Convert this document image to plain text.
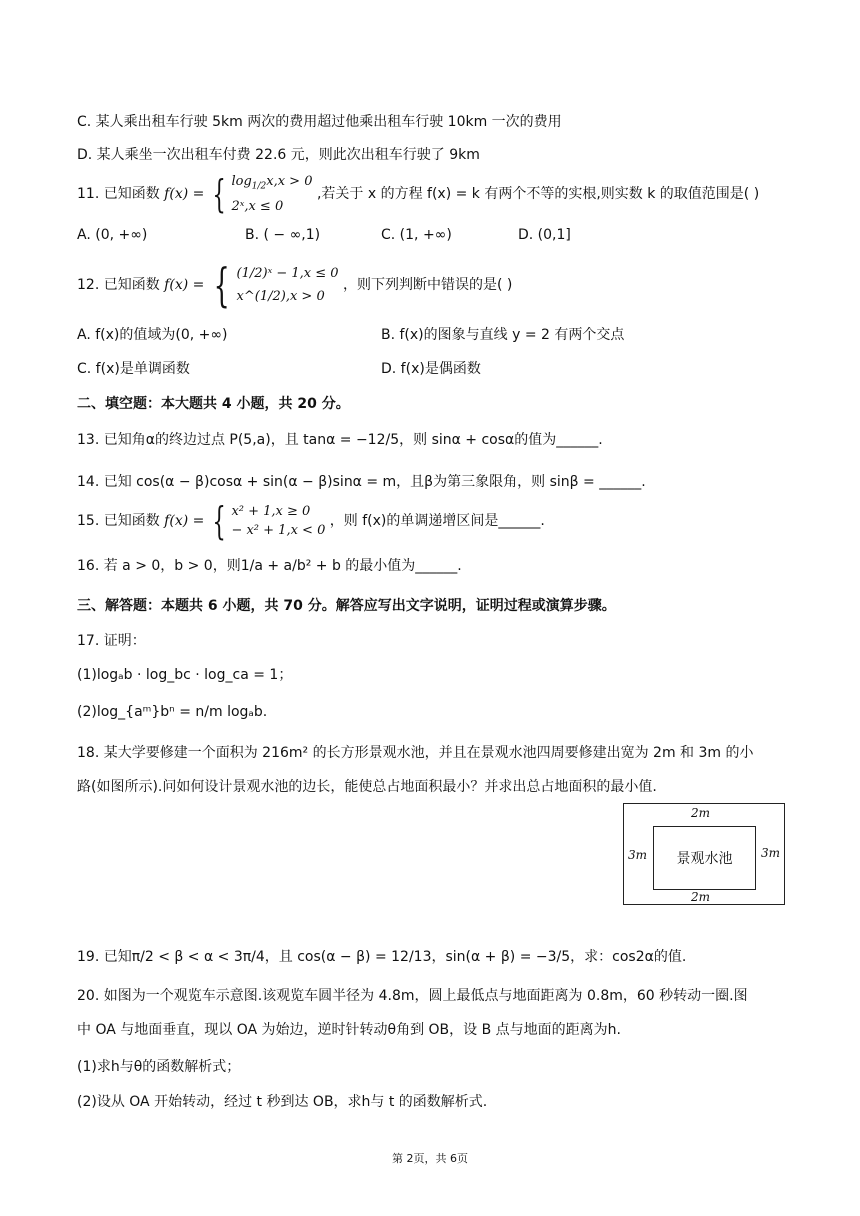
C. 某人乘出租车行驶 5km 两次的费用超过他乘出租车行驶 10km 一次的费用
D. 某人乘坐一次出租车付费 22.6 元，则此次出租车行驶了 9km
11. 已知函数 f(x) = { $\log_{1/2}x,x > 0$
2ˣ,x ≤ 0
,若关于 x 的方程 f(x) = k 有两个不等的实根,则实数 k 的取值范围是( )
A. (0, +∞)	B. ( − ∞,1)	C. (1, +∞)	D. (0,1]
12. 已知函数 f(x) = { (1/2)ˣ − 1,x ≤ 0
x^(1/2),x > 0
，则下列判断中错误的是( )
A. f(x)的值域为(0, +∞)	B. f(x)的图象与直线 y = 2 有两个交点
C. f(x)是单调函数	D. f(x)是偶函数
二、填空题：本大题共 4 小题，共 20 分。
13. 已知角α的终边过点 P(5,a)，且 tanα = −12/5，则 sinα + cosα的值为______.
14. 已知 cos(α − β)cosα + sin(α − β)sinα = m，且β为第三象限角，则 sinβ = ______.
15. 已知函数 f(x) = { x² + 1,x ≥ 0
− x² + 1,x < 0
，则 f(x)的单调递增区间是______.
16. 若 a > 0，b > 0，则1/a + a/b² + b 的最小值为______.
三、解答题：本题共 6 小题，共 70 分。解答应写出文字说明，证明过程或演算步骤。
17. 证明：
(1)logₐb · log_bc · log_ca = 1；
(2)log_{aᵐ}bⁿ = n/m logₐb.
18. 某大学要修建一个面积为 216m² 的长方形景观水池，并且在景观水池四周要修建出宽为 2m 和 3m 的小
路(如图所示).问如何设计景观水池的边长，能使总占地面积最小？并求出总占地面积的最小值.
2m
2m
3m	3m
景观水池
19. 已知π/2 < β < α < 3π/4，且 cos(α − β) = 12/13，sin(α + β) = −3/5，求：cos2α的值.
20. 如图为一个观览车示意图.该观览车圆半径为 4.8m，圆上最低点与地面距离为 0.8m，60 秒转动一圈.图
中 OA 与地面垂直，现以 OA 为始边，逆时针转动θ角到 OB，设 B 点与地面的距离为h.
(1)求h与θ的函数解析式；
(2)设从 OA 开始转动，经过 t 秒到达 OB，求h与 t 的函数解析式.
第 2页，共 6页
